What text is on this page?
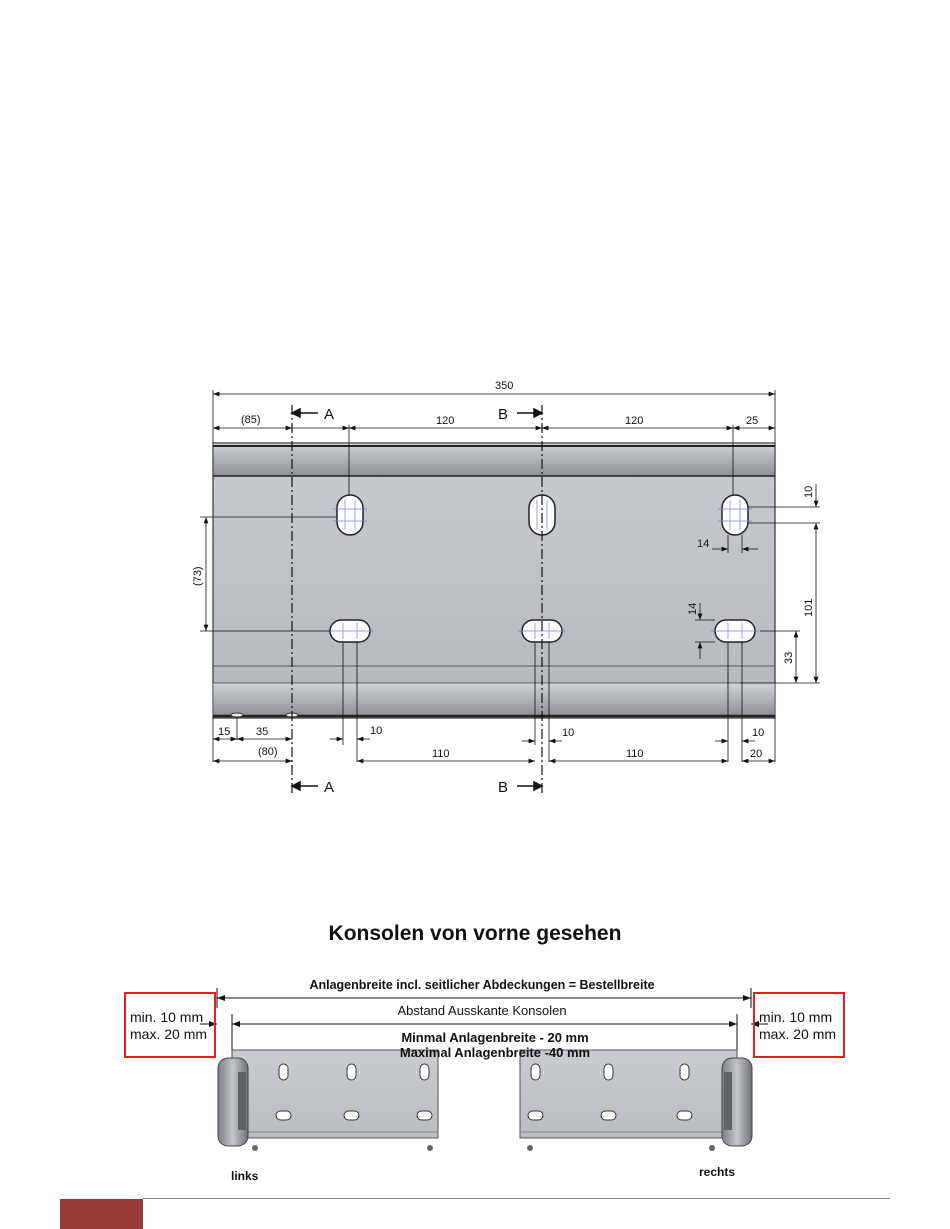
A	B
A	B
350
(85)	120	120	25
(73)
10
14
101
14
33
15 35	10	10	10
(80)	110	110	20
Konsolen von vorne gesehen
Anlagenbreite incl. seitlicher Abdeckungen = Bestellbreite
Abstand Ausskante Konsolen
Minmal Anlagenbreite - 20 mm
Maximal Anlagenbreite -40 mm
min. 10 mm
max. 20 mm
min. 10 mm
max. 20 mm
links	rechts
